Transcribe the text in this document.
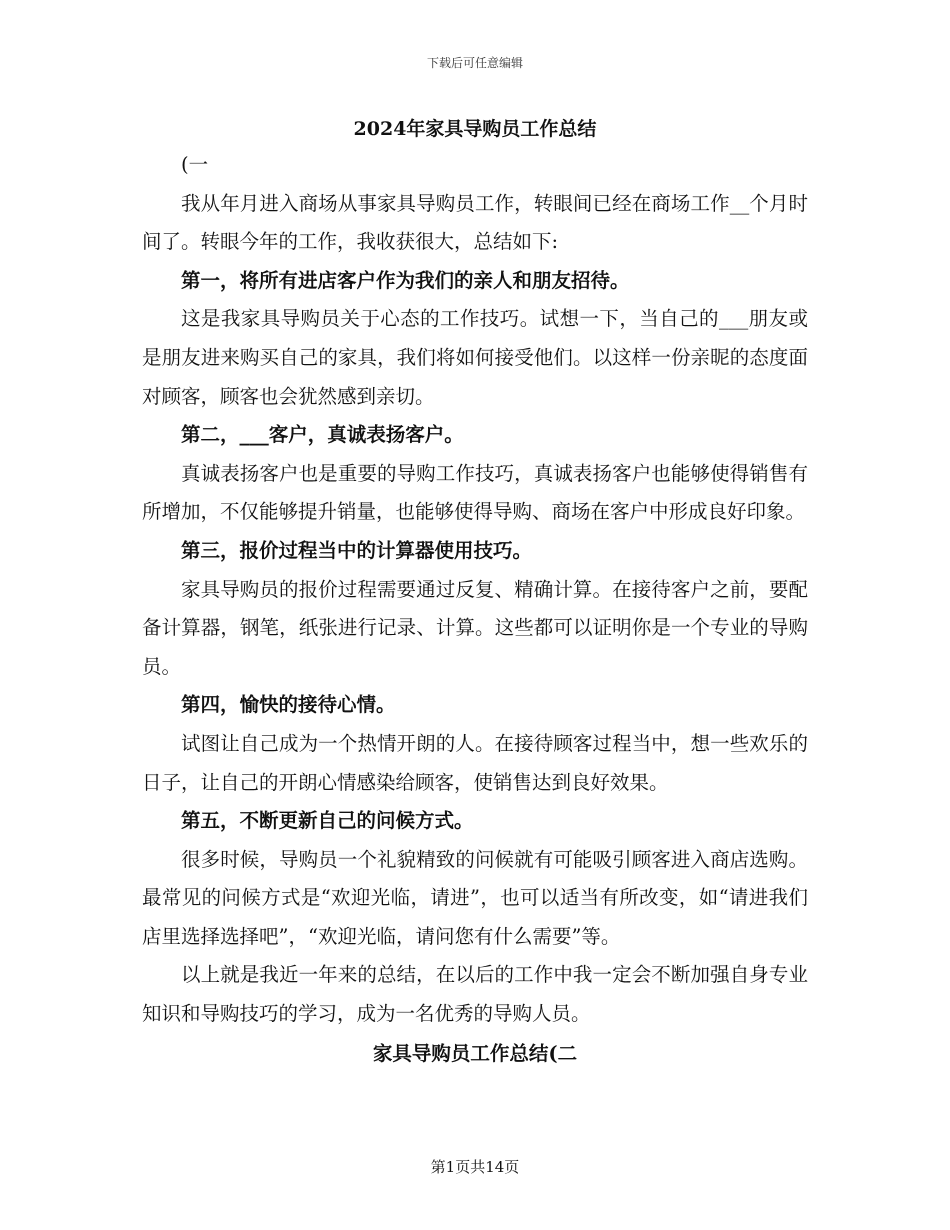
下载后可任意编辑
2024年家具导购员工作总结

(一

我从年月进入商场从事家具导购员工作，转眼间已经在商场工作__个月时间了。转眼今年的工作，我收获很大，总结如下:

第一，将所有进店客户作为我们的亲人和朋友招待。

这是我家具导购员关于心态的工作技巧。试想一下，当自己的___朋友或是朋友进来购买自己的家具，我们将如何接受他们。以这样一份亲昵的态度面对顾客，顾客也会犹然感到亲切。

第二，___客户，真诚表扬客户。

真诚表扬客户也是重要的导购工作技巧，真诚表扬客户也能够使得销售有所增加，不仅能够提升销量，也能够使得导购、商场在客户中形成良好印象。

第三，报价过程当中的计算器使用技巧。

家具导购员的报价过程需要通过反复、精确计算。在接待客户之前，要配备计算器，钢笔，纸张进行记录、计算。这些都可以证明你是一个专业的导购员。

第四，愉快的接待心情。

试图让自己成为一个热情开朗的人。在接待顾客过程当中，想一些欢乐的日子，让自己的开朗心情感染给顾客，使销售达到良好效果。

第五，不断更新自己的问候方式。

很多时候，导购员一个礼貌精致的问候就有可能吸引顾客进入商店选购。最常见的问候方式是“欢迎光临，请进”，也可以适当有所改变，如“请进我们店里选择选择吧”，“欢迎光临，请问您有什么需要”等。

以上就是我近一年来的总结，在以后的工作中我一定会不断加强自身专业知识和导购技巧的学习，成为一名优秀的导购人员。

家具导购员工作总结(二

第1页共14页
